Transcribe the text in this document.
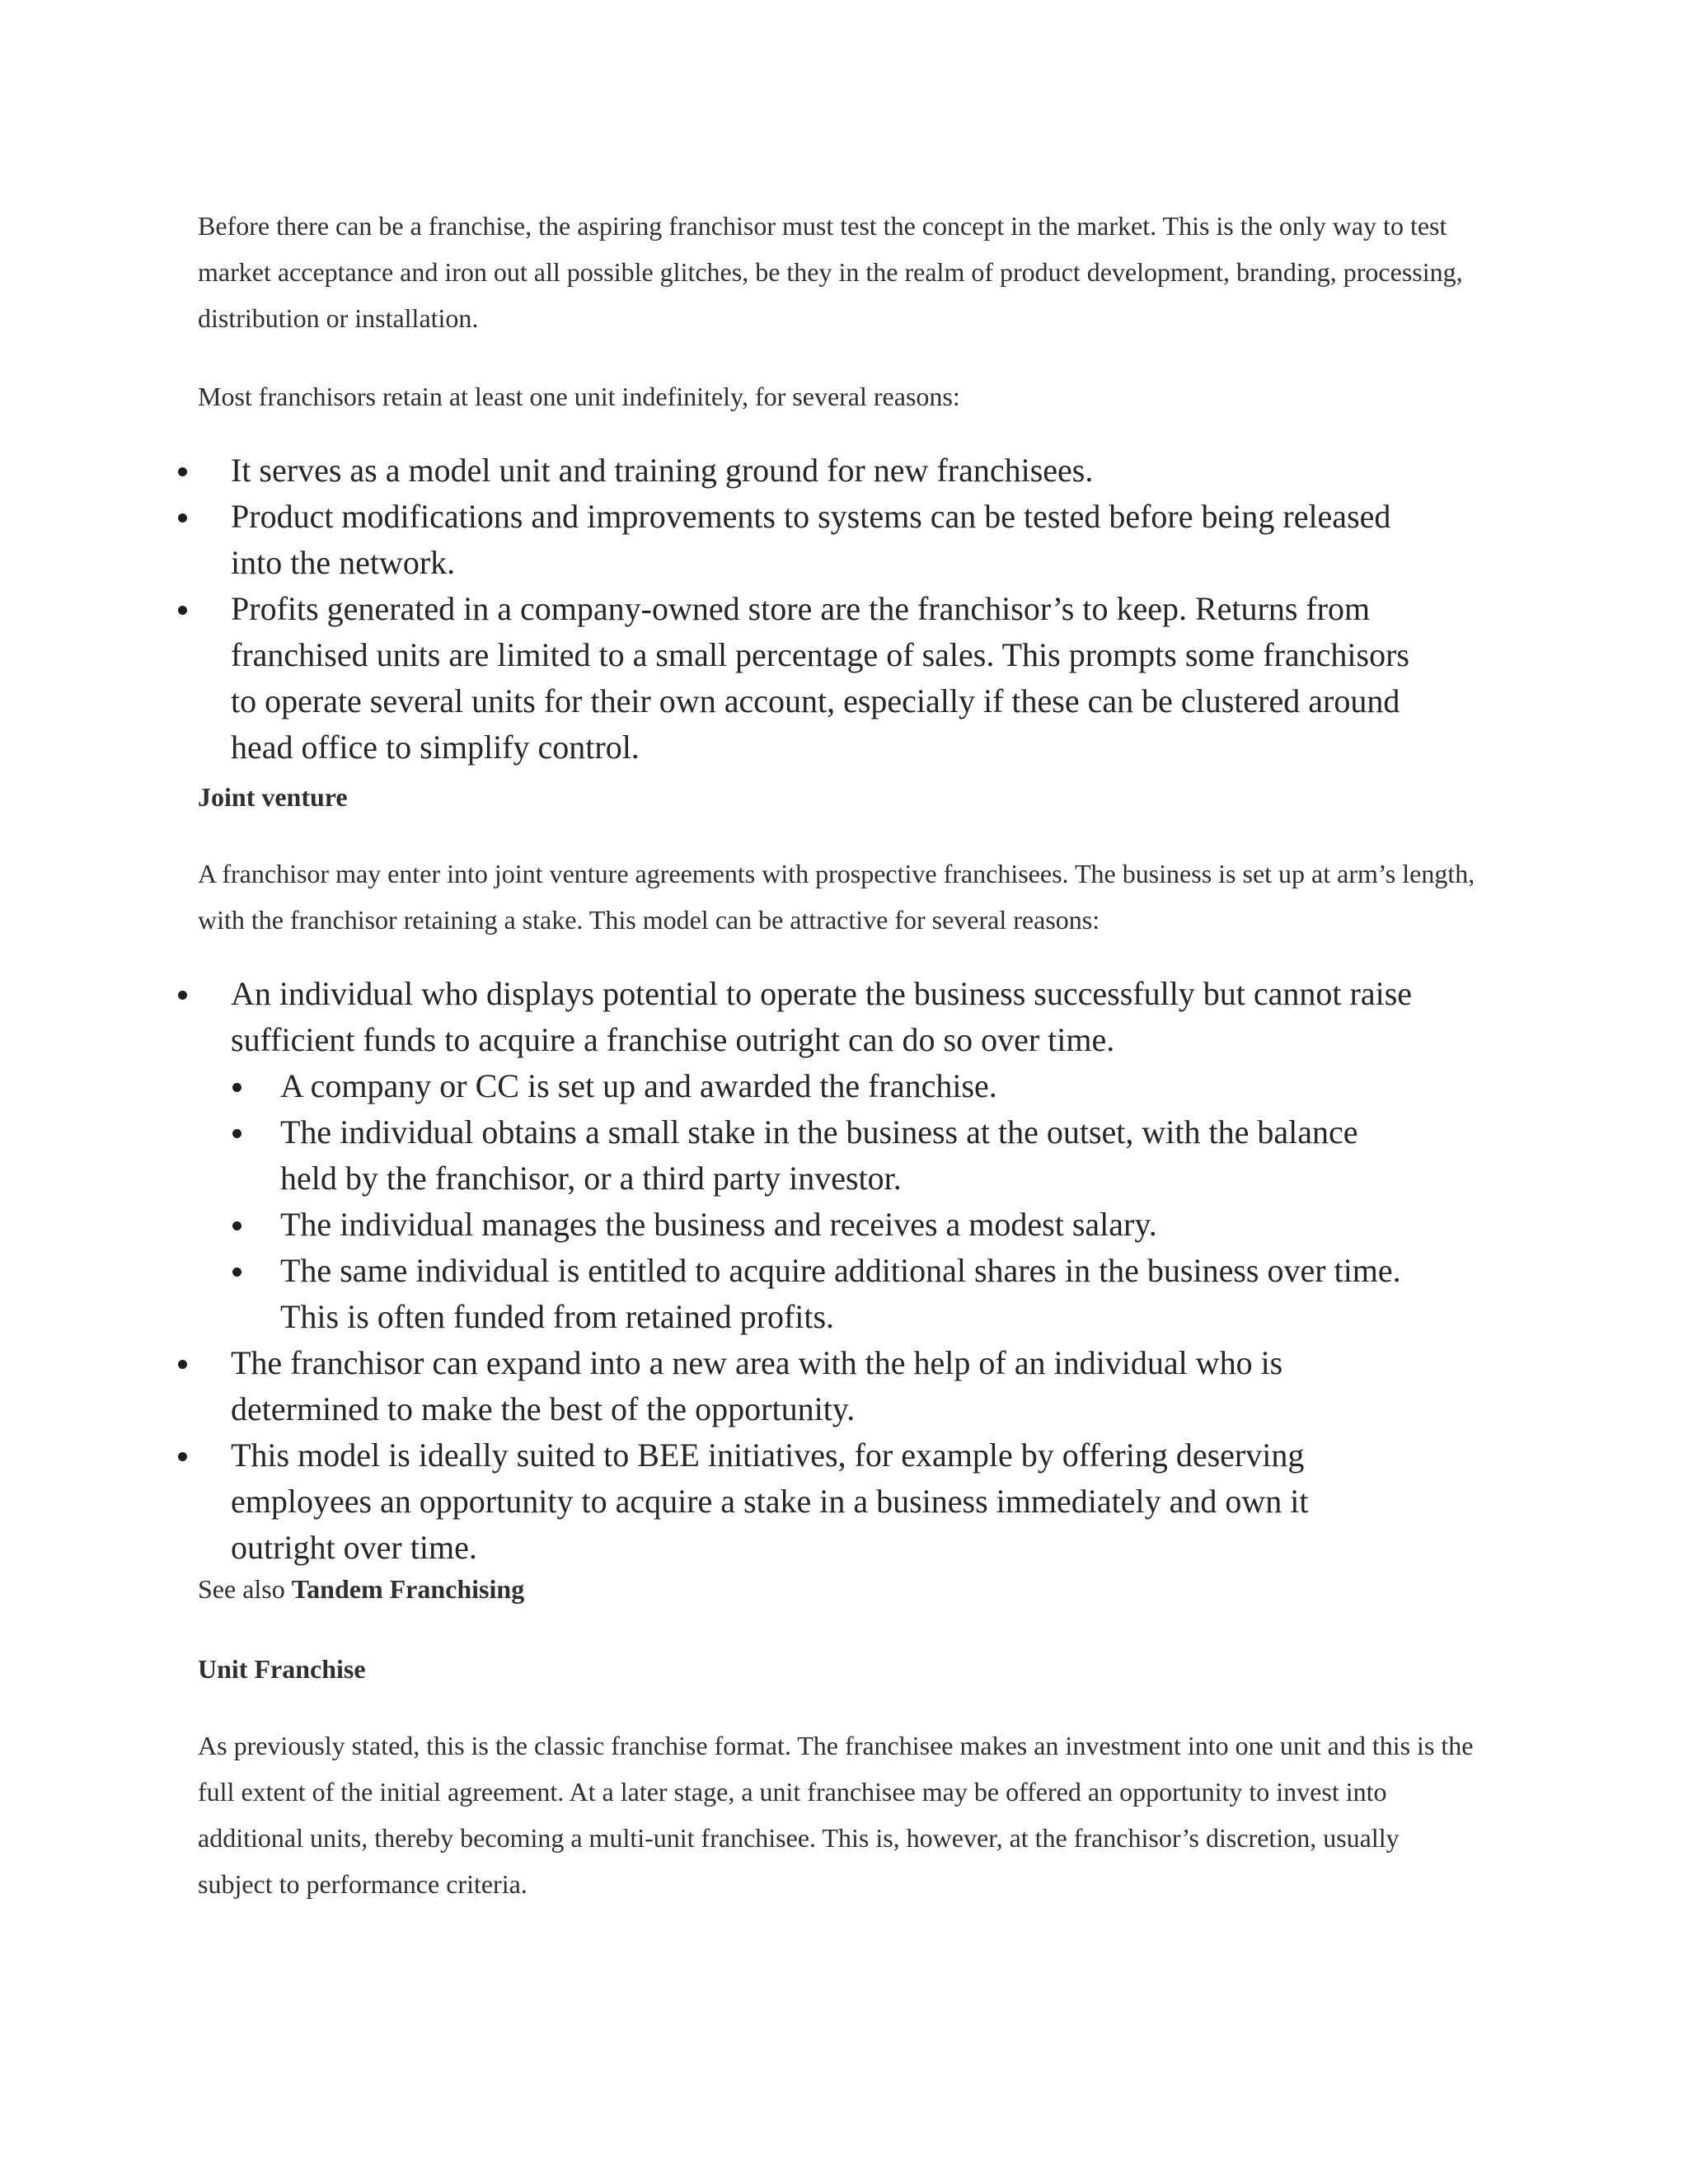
Before there can be a franchise, the aspiring franchisor must test the concept in the market. This is the only way to test market acceptance and iron out all possible glitches, be they in the realm of product development, branding, processing, distribution or installation.

Most franchisors retain at least one unit indefinitely, for several reasons:

It serves as a model unit and training ground for new franchisees.
Product modifications and improvements to systems can be tested before being released into the network.
Profits generated in a company-owned store are the franchisor’s to keep. Returns from franchised units are limited to a small percentage of sales. This prompts some franchisors to operate several units for their own account, especially if these can be clustered around head office to simplify control.

Joint venture

A franchisor may enter into joint venture agreements with prospective franchisees. The business is set up at arm’s length, with the franchisor retaining a stake. This model can be attractive for several reasons:

An individual who displays potential to operate the business successfully but cannot raise sufficient funds to acquire a franchise outright can do so over time.
A company or CC is set up and awarded the franchise.
The individual obtains a small stake in the business at the outset, with the balance held by the franchisor, or a third party investor.
The individual manages the business and receives a modest salary.
The same individual is entitled to acquire additional shares in the business over time. This is often funded from retained profits.
The franchisor can expand into a new area with the help of an individual who is determined to make the best of the opportunity.
This model is ideally suited to BEE initiatives, for example by offering deserving employees an opportunity to acquire a stake in a business immediately and own it outright over time.

See also Tandem Franchising

Unit Franchise

As previously stated, this is the classic franchise format. The franchisee makes an investment into one unit and this is the full extent of the initial agreement. At a later stage, a unit franchisee may be offered an opportunity to invest into additional units, thereby becoming a multi-unit franchisee. This is, however, at the franchisor’s discretion, usually subject to performance criteria.
